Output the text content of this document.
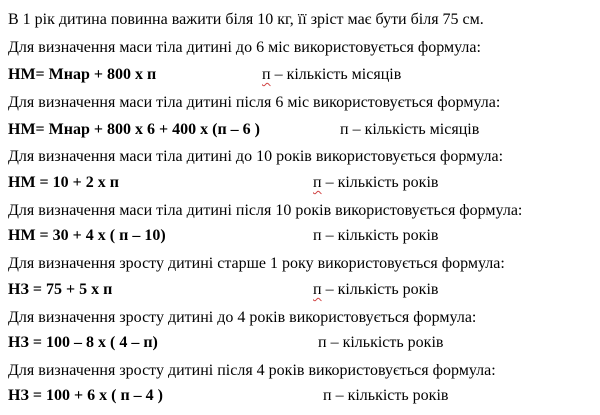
В 1 рік дитина повинна важити біля 10 кг, її зріст має бути біля 75 см.
Для визначення маси тіла дитині до 6 міс використовується формула:
НМ= Мнар + 800 х п	п – кількість місяців
Для визначення маси тіла дитині після 6 міс використовується формула:
НМ= Мнар + 800 х 6 + 400 х (п – 6 )	п – кількість місяців
Для визначення маси тіла дитині до 10 років використовується формула:
НМ = 10 + 2 х п	п – кількість років
Для визначення маси тіла дитині після 10 років використовується формула:
НМ = 30 + 4 х ( п – 10)	п – кількість років
Для визначення зросту дитині старше 1 року використовується формула:
НЗ = 75 + 5 х п	п – кількість років
Для визначення зросту дитині до 4 років використовується формула:
НЗ = 100 – 8 х ( 4 – п)	п – кількість років
Для визначення зросту дитині після 4 років використовується формула:
НЗ = 100 + 6 х ( п – 4 )	п – кількість років
